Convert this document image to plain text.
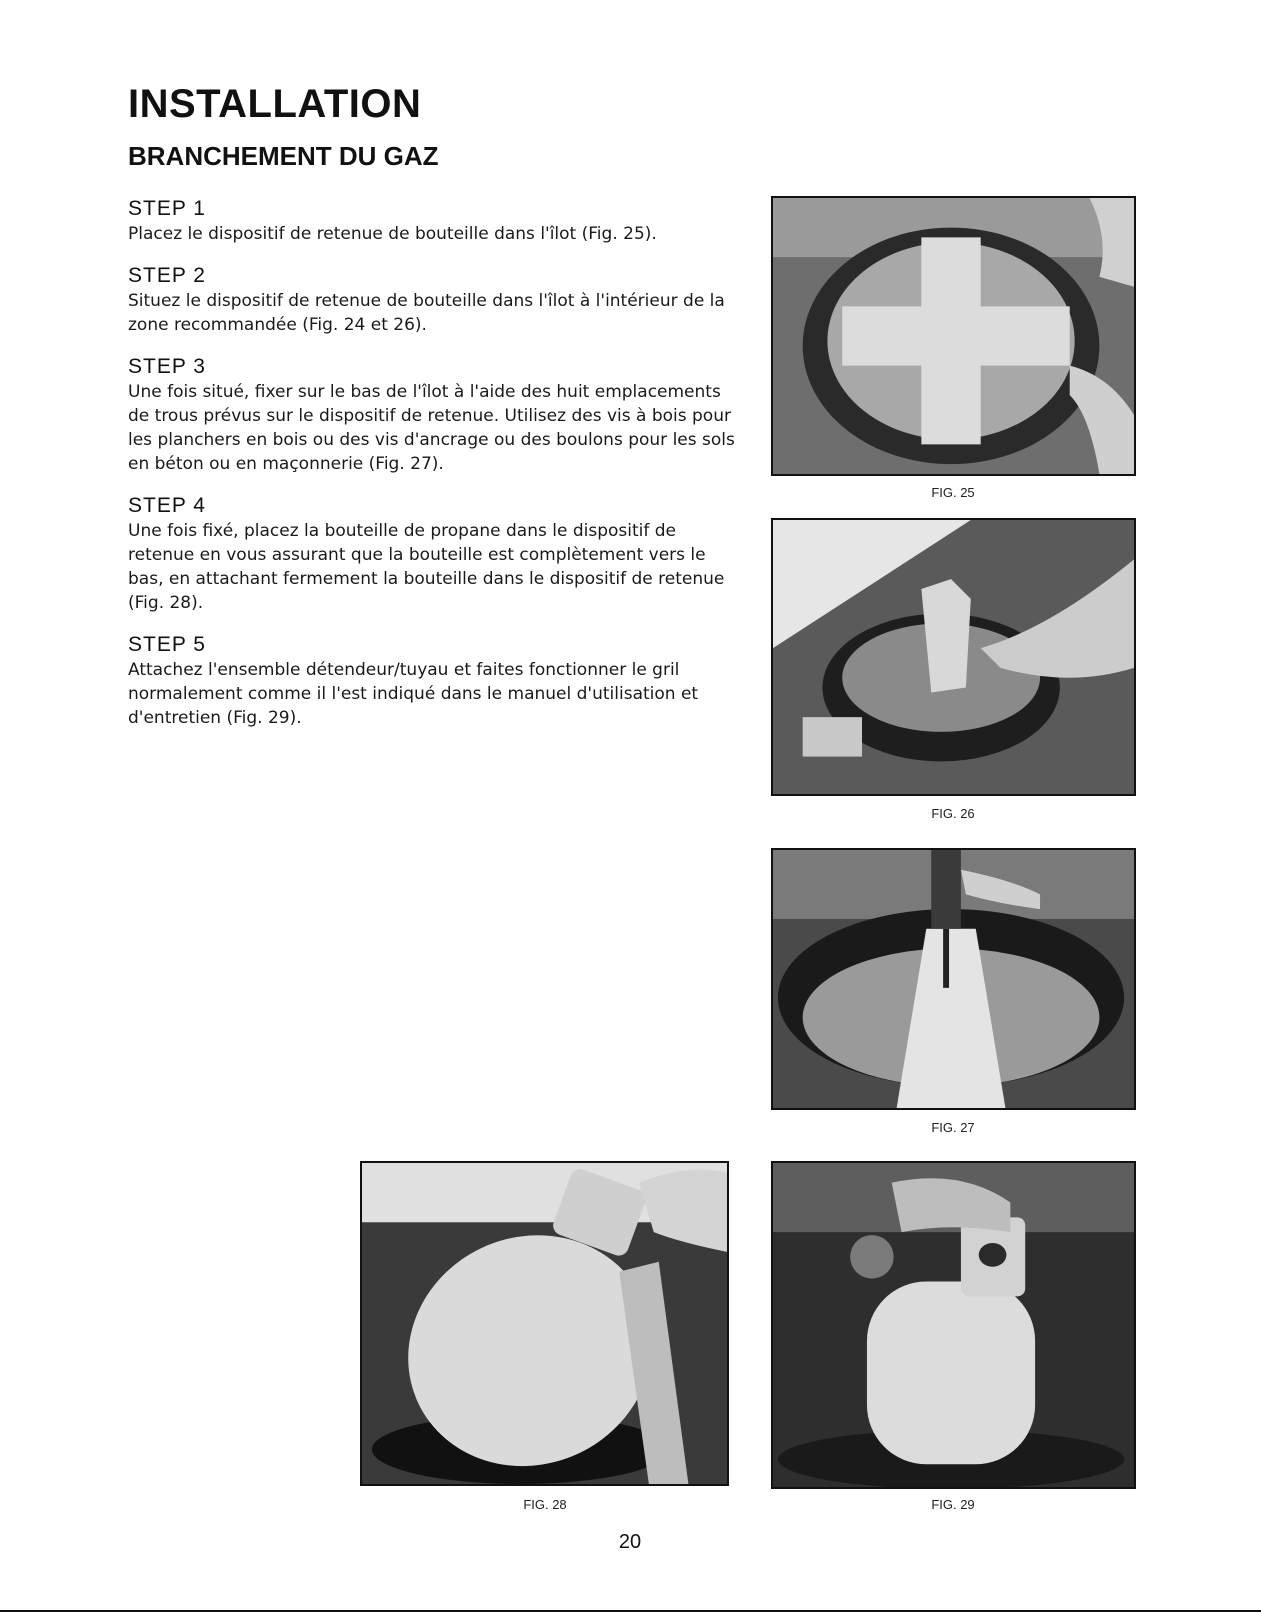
INSTALLATION
BRANCHEMENT DU GAZ

STEP 1

Placez le dispositif de retenue de bouteille dans l'îlot (Fig. 25).

STEP 2

Situez le dispositif de retenue de bouteille dans l'îlot à l'intérieur de la zone recommandée (Fig. 24 et 26).

STEP 3

Une fois situé, fixer sur le bas de l'îlot à l'aide des huit emplacements de trous prévus sur le dispositif de retenue. Utilisez des vis à bois pour les planchers en bois ou des vis d'ancrage ou des boulons pour les sols en béton ou en maçonnerie (Fig. 27).

STEP 4

Une fois fixé, placez la bouteille de propane dans le dispositif de retenue en vous assurant que la bouteille est complètement vers le bas, en attachant fermement la bouteille dans le dispositif de retenue (Fig. 28).

STEP 5

Attachez l'ensemble détendeur/tuyau et faites fonctionner le gril normalement comme il l'est indiqué dans le manuel d'utilisation et d'entretien (Fig. 29).

FIG. 25
FIG. 26
FIG. 27
FIG. 28	FIG. 29
20
